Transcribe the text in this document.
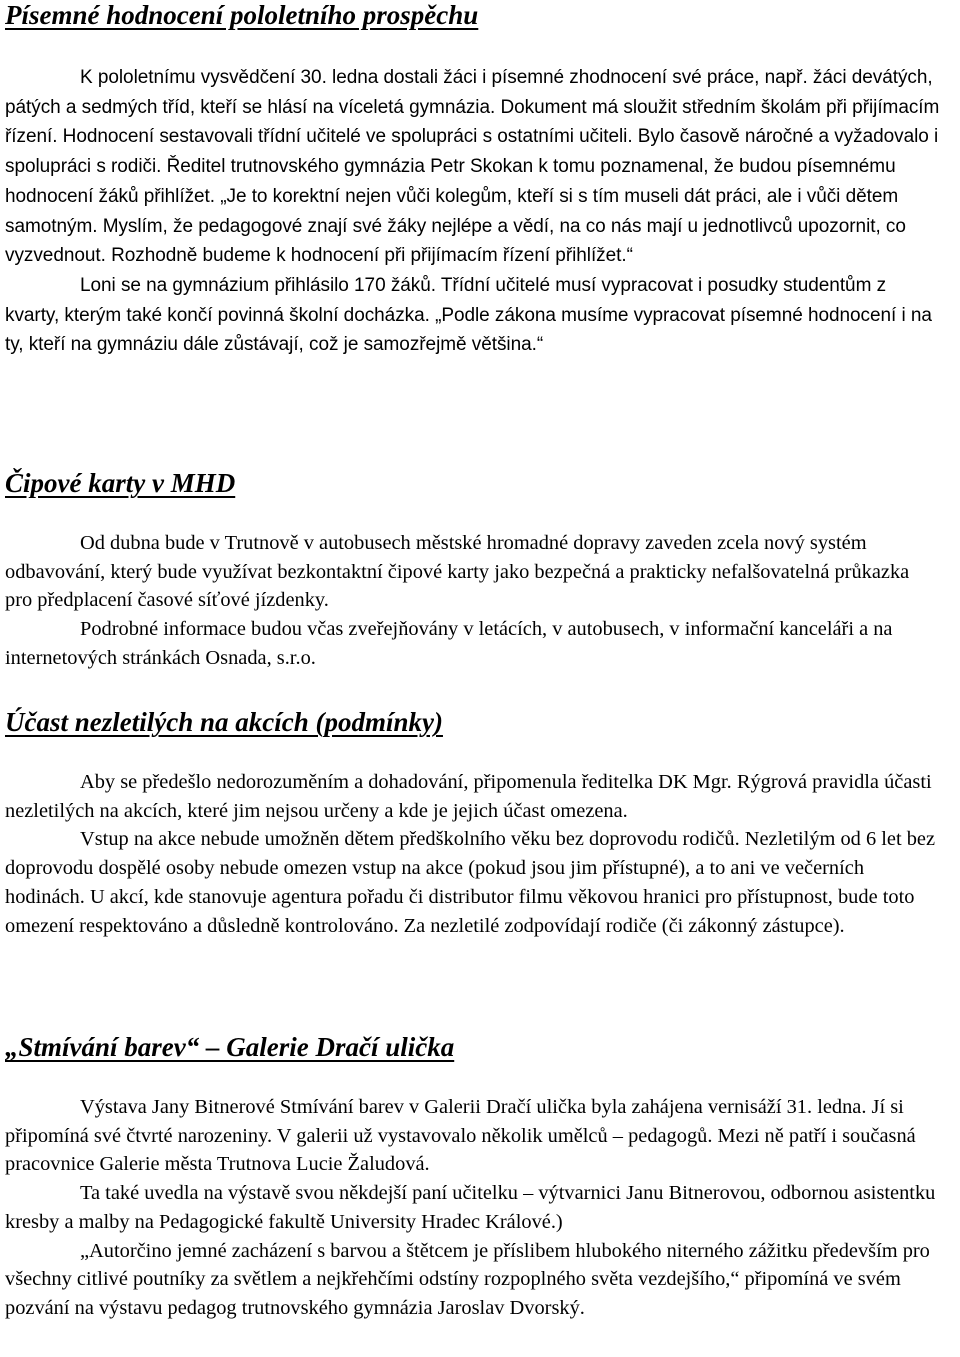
Písemné hodnocení pololetního prospěchu

K pololetnímu vysvědčení 30. ledna dostali žáci i písemné zhodnocení své práce, např. žáci devátých, pátých a sedmých tříd, kteří se hlásí na víceletá gymnázia. Dokument má sloužit středním školám při přijímacím řízení. Hodnocení sestavovali třídní učitelé ve spolupráci s ostatními učiteli. Bylo časově náročné a vyžadovalo i spolupráci s rodiči. Ředitel trutnovského gymnázia Petr Skokan k tomu poznamenal, že budou písemnému hodnocení žáků přihlížet. „Je to korektní nejen vůči kolegům, kteří si s tím museli dát práci, ale i vůči dětem samotným. Myslím, že pedagogové znají své žáky nejlépe a vědí, na co nás mají u jednotlivců upozornit, co vyzvednout. Rozhodně budeme k hodnocení při přijímacím řízení přihlížet.“

Loni se na gymnázium přihlásilo 170 žáků. Třídní učitelé musí vypracovat i posudky studentům z kvarty, kterým také končí povinná školní docházka. „Podle zákona musíme vypracovat písemné hodnocení i na ty, kteří na gymnáziu dále zůstávají, což je samozřejmě většina.“

Čipové karty v MHD

Od dubna bude v Trutnově v autobusech městské hromadné dopravy zaveden zcela nový systém odbavování, který bude využívat bezkontaktní čipové karty jako bezpečná a prakticky nefalšovatelná průkazka pro předplacení časové síťové jízdenky.

Podrobné informace budou včas zveřejňovány v letácích, v autobusech, v informační kanceláři a na internetových stránkách Osnada, s.r.o.

Účast nezletilých na akcích (podmínky)

Aby se předešlo nedorozuměním a dohadování, připomenula ředitelka DK Mgr. Rýgrová pravidla účasti nezletilých na akcích, které jim nejsou určeny a kde je jejich účast omezena.

Vstup na akce nebude umožněn dětem předškolního věku bez doprovodu rodičů. Nezletilým od 6 let bez doprovodu dospělé osoby nebude omezen vstup na akce (pokud jsou jim přístupné), a to ani ve večerních hodinách. U akcí, kde stanovuje agentura pořadu či distributor filmu věkovou hranici pro přístupnost, bude toto omezení respektováno a důsledně kontrolováno. Za nezletilé zodpovídají rodiče (či zákonný zástupce).

„Stmívání barev“ – Galerie Dračí ulička

Výstava Jany Bitnerové Stmívání barev v Galerii Dračí ulička byla zahájena vernisáží 31. ledna. Jí si připomíná své čtvrté narozeniny. V galerii už vystavovalo několik umělců – pedagogů. Mezi ně patří i současná pracovnice Galerie města Trutnova Lucie Žaludová.

Ta také uvedla na výstavě svou někdejší paní učitelku – výtvarnici Janu Bitnerovou, odbornou asistentku kresby a malby na Pedagogické fakultě University Hradec Králové.)

„Autorčino jemné zacházení s barvou a štětcem je příslibem hlubokého niterného zážitku především pro všechny citlivé poutníky za světlem a nejkřehčími odstíny rozpoplného světa vezdejšího,“ připomíná ve svém pozvání na výstavu pedagog trutnovského gymnázia Jaroslav Dvorský.
